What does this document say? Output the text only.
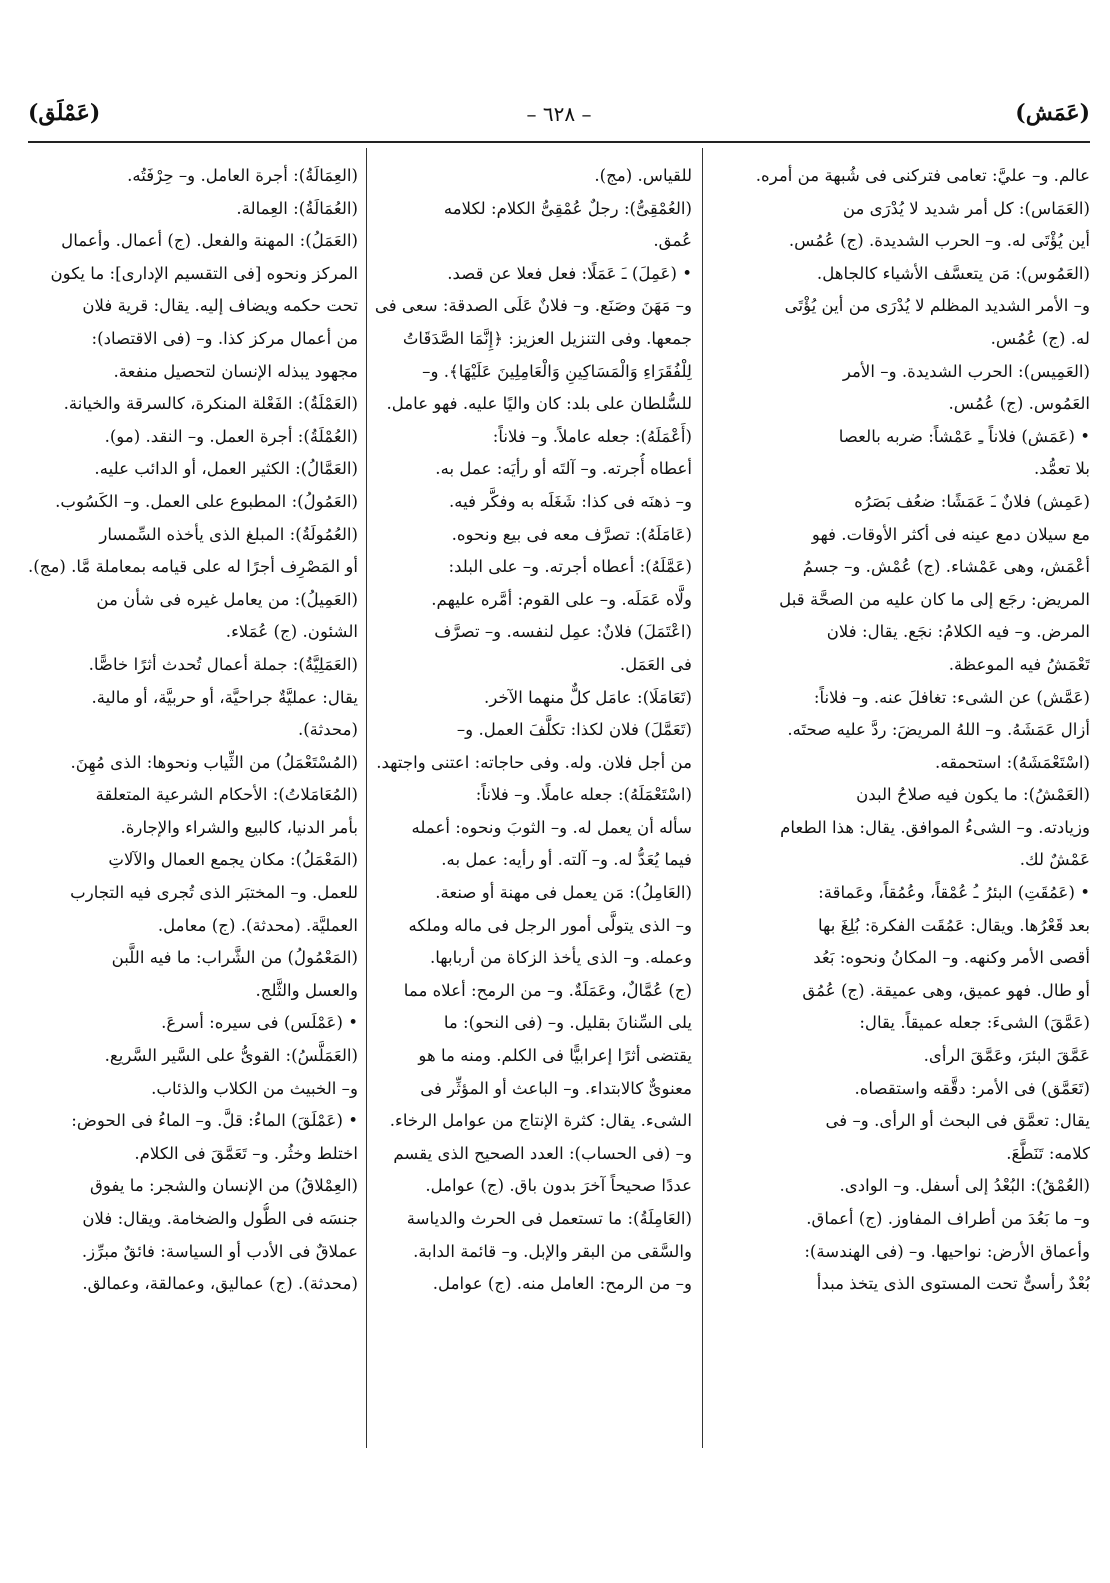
(عَمَش)
– ٦٢٨ –
(عَمْلَق)
عالم. و– عليَّ: تعامى فتركنى فى شُبهة من أمره.
(العَمَاس): كل أمر شديد لا يُدْرَى من
أين يُؤْتَى له. و– الحرب الشديدة. (ج) عُمُس.
(العَمُوس): مَن يتعسَّف الأشياء كالجاهل.
و– الأمر الشديد المظلم لا يُدْرَى من أين يُؤْتَى
له. (ج) عُمُس.
(العَمِيس): الحرب الشديدة. و– الأمر
العَمُوس. (ج) عُمُس.
• (عَمَش) فلاناً ـِ عَمْشاً: ضربه بالعصا
بلا تعمُّد.
(عَمِش) فلانٌ ـَ عَمَشًا: ضعُف بَصَرُه
مع سيلان دمع عينه فى أكثر الأوقات. فهو
أعْمَش، وهى عَمْشاء. (ج) عُمْش. و– جسمُ
المريض: رجَع إلى ما كان عليه من الصحَّة قبل
المرض. و– فيه الكلامُ: نجَع. يقال: فلان
تَعْمَشُ فيه الموعظة.
(عَمَّش) عن الشىء: تغافلَ عنه. و– فلاناً:
أزال عَمَشَهُ. و– اللهُ المريضَ: ردَّ عليه صحتَه.
(اسْتَعْمَشَهُ): استحمقه.
(العَمْشُ): ما يكون فيه صلاحُ البدن
وزيادته. و– الشىءُ الموافق. يقال: هذا الطعام
عَمْشٌ لك.
• (عَمُقَتِ) البئرُ ـُ عُمْقاً، وعُمُقاً، وعَماقة:
بعد قَعْرُها. ويقال: عَمُقَت الفكرة: بُلِغَ بها
أقصى الأمر وكنهه. و– المكانُ ونحوه: بَعُد
أو طال. فهو عميق، وهى عميقة. (ج) عُمُق
(عَمَّقَ) الشىءَ: جعله عميقاً. يقال:
عَمَّقَ البئرَ، وعَمَّقَ الرأى.
(تَعَمَّق) فى الأمر: دقَّقه واستقصاه.
يقال: تعمَّق فى البحث أو الرأى. و– فى
كلامه: تَنَطَّعَ.
(العُمْقُ): البُعْدُ إلى أسفل. و– الوادى.
و– ما بَعُدَ من أطراف المفاوز. (ج) أعماق.
وأعماق الأرض: نواحيها. و– (فى الهندسة):
بُعْدٌ رأسىٌّ تحت المستوى الذى يتخذ مبدأ
للقياس. (مج).
(العُمْقِىُّ): رجلٌ عُمْقِىُّ الكلام: لكلامه
عُمق.
• (عَمِلَ) ـَ عَمَلًا: فعل فعلا عن قصد.
و– مَهَنَ وصَنَع. و– فلانٌ عَلَى الصدقة: سعى فى
جمعها. وفى التنزيل العزيز: ﴿إِنَّمَا الصَّدَقَاتُ
لِلْفُقَرَاءِ وَالْمَسَاكِينِ وَالْعَامِلِينَ عَلَيْهَا﴾. و–
للسُّلطان على بلد: كان واليًا عليه. فهو عامل.
(أَعْمَلَهُ): جعله عاملاً. و– فلاناً:
أعطاه أُجرته. و– آلتَه أو رأيَه: عمل به.
و– ذهنَه فى كذا: شَغَلَه به وفكَّر فيه.
(عَامَلَهُ): تصرَّف معه فى بيع ونحوه.
(عَمَّلَهُ): أعطاه أجرته. و– على البلد:
ولَّاه عَمَلَه. و– على القوم: أمَّره عليهم.
(اعْتَمَلَ) فلانٌ: عمِل لنفسه. و– تصرَّف
فى العَمَل.
(تَعَامَلَا): عامَل كلٌّ منهما الآخر.
(تَعَمَّلَ) فلان لكذا: تكلَّفَ العمل. و–
من أجل فلان. وله. وفى حاجاته: اعتنى واجتهد.
(اسْتَعْمَلَهُ): جعله عاملًا. و– فلاناً:
سأله أن يعمل له. و– الثوبَ ونحوه: أعمله
فيما يُعَدُّ له. و– آلته. أو رأيه: عمل به.
(العَامِلُ): مَن يعمل فى مهنة أو صنعة.
و– الذى يتولَّى أمور الرجل فى ماله وملكه
وعمله. و– الذى يأخذ الزكاة من أربابها.
(ج) عُمَّالٌ، وعَمَلَةٌ. و– من الرمح: أعلاه مما
يلى السِّنانَ بقليل. و– (فى النحو): ما
يقتضى أثرًا إعرابيًّا فى الكلم. ومنه ما هو
معنوىٌّ كالابتداء. و– الباعث أو المؤثِّر فى
الشىء. يقال: كثرة الإنتاج من عوامل الرخاء.
و– (فى الحساب): العدد الصحيح الذى يقسم
عددًا صحيحاً آخرَ بدون باق. (ج) عوامل.
(العَامِلَةُ): ما تستعمل فى الحرث والدياسة
والسَّقى من البقر والإبل. و– قائمة الدابة.
و– من الرمح: العامل منه. (ج) عوامل.
(العِمَالَةُ): أجرة العامل. و– حِرْفَتُه.
(العُمَالَةُ): العِمالة.
(العَمَلُ): المهنة والفعل. (ج) أعمال. وأعمال
المركز ونحوه [فى التقسيم الإدارى]: ما يكون
تحت حكمه ويضاف إليه. يقال: قرية فلان
من أعمال مركز كذا. و– (فى الاقتصاد):
مجهود يبذله الإنسان لتحصيل منفعة.
(العَمْلَةُ): الفَعْلة المنكرة، كالسرقة والخيانة.
(العُمْلَةُ): أجرة العمل. و– النقد. (مو).
(العَمَّالُ): الكثير العمل، أو الدائب عليه.
(العَمُولُ): المطبوع على العمل. و– الكَسُوب.
(العُمُولَةُ): المبلغ الذى يأخذه السِّمسار
أو المَصْرِف أجرًا له على قيامه بمعاملة مَّا. (مج).
(العَمِيلُ): من يعامل غيره فى شأن من
الشئون. (ج) عُمَلاء.
(العَمَلِيَّةُ): جملة أعمال تُحدث أثرًا خاصًّا.
يقال: عمليَّةٌ جراحيَّة، أو حربيَّة، أو مالية.
(محدثة).
(المُسْتَعْمَلُ) من الثِّياب ونحوها: الذى مُهِنَ.
(المُعَامَلاتُ): الأحكام الشرعية المتعلقة
بأمر الدنيا، كالبيع والشراء والإجارة.
(المَعْمَلُ): مكان يجمع العمال والآلاتِ
للعمل. و– المختبَر الذى تُجرى فيه التجارب
العمليَّة. (محدثة). (ج) معامل.
(المَعْمُولُ) من الشَّراب: ما فيه اللَّبن
والعسل والثَّلج.
• (عَمْلَس) فى سيره: أسرعَ.
(العَمَلَّسُ): القوىُّ على السَّير السَّريع.
و– الخبيث من الكلاب والذئاب.
• (عَمْلَقَ) الماءُ: قلَّ. و– الماءُ فى الحوض:
اختلط وخثُر. و– تَعَمَّقَ فى الكلام.
(العِمْلاقُ) من الإنسان والشجر: ما يفوق
جنسَه فى الطُّول والضخامة. ويقال: فلان
عملاقٌ فى الأدب أو السياسة: فائقٌ مبرِّز.
(محدثة). (ج) عماليق، وعمالقة، وعمالق.
